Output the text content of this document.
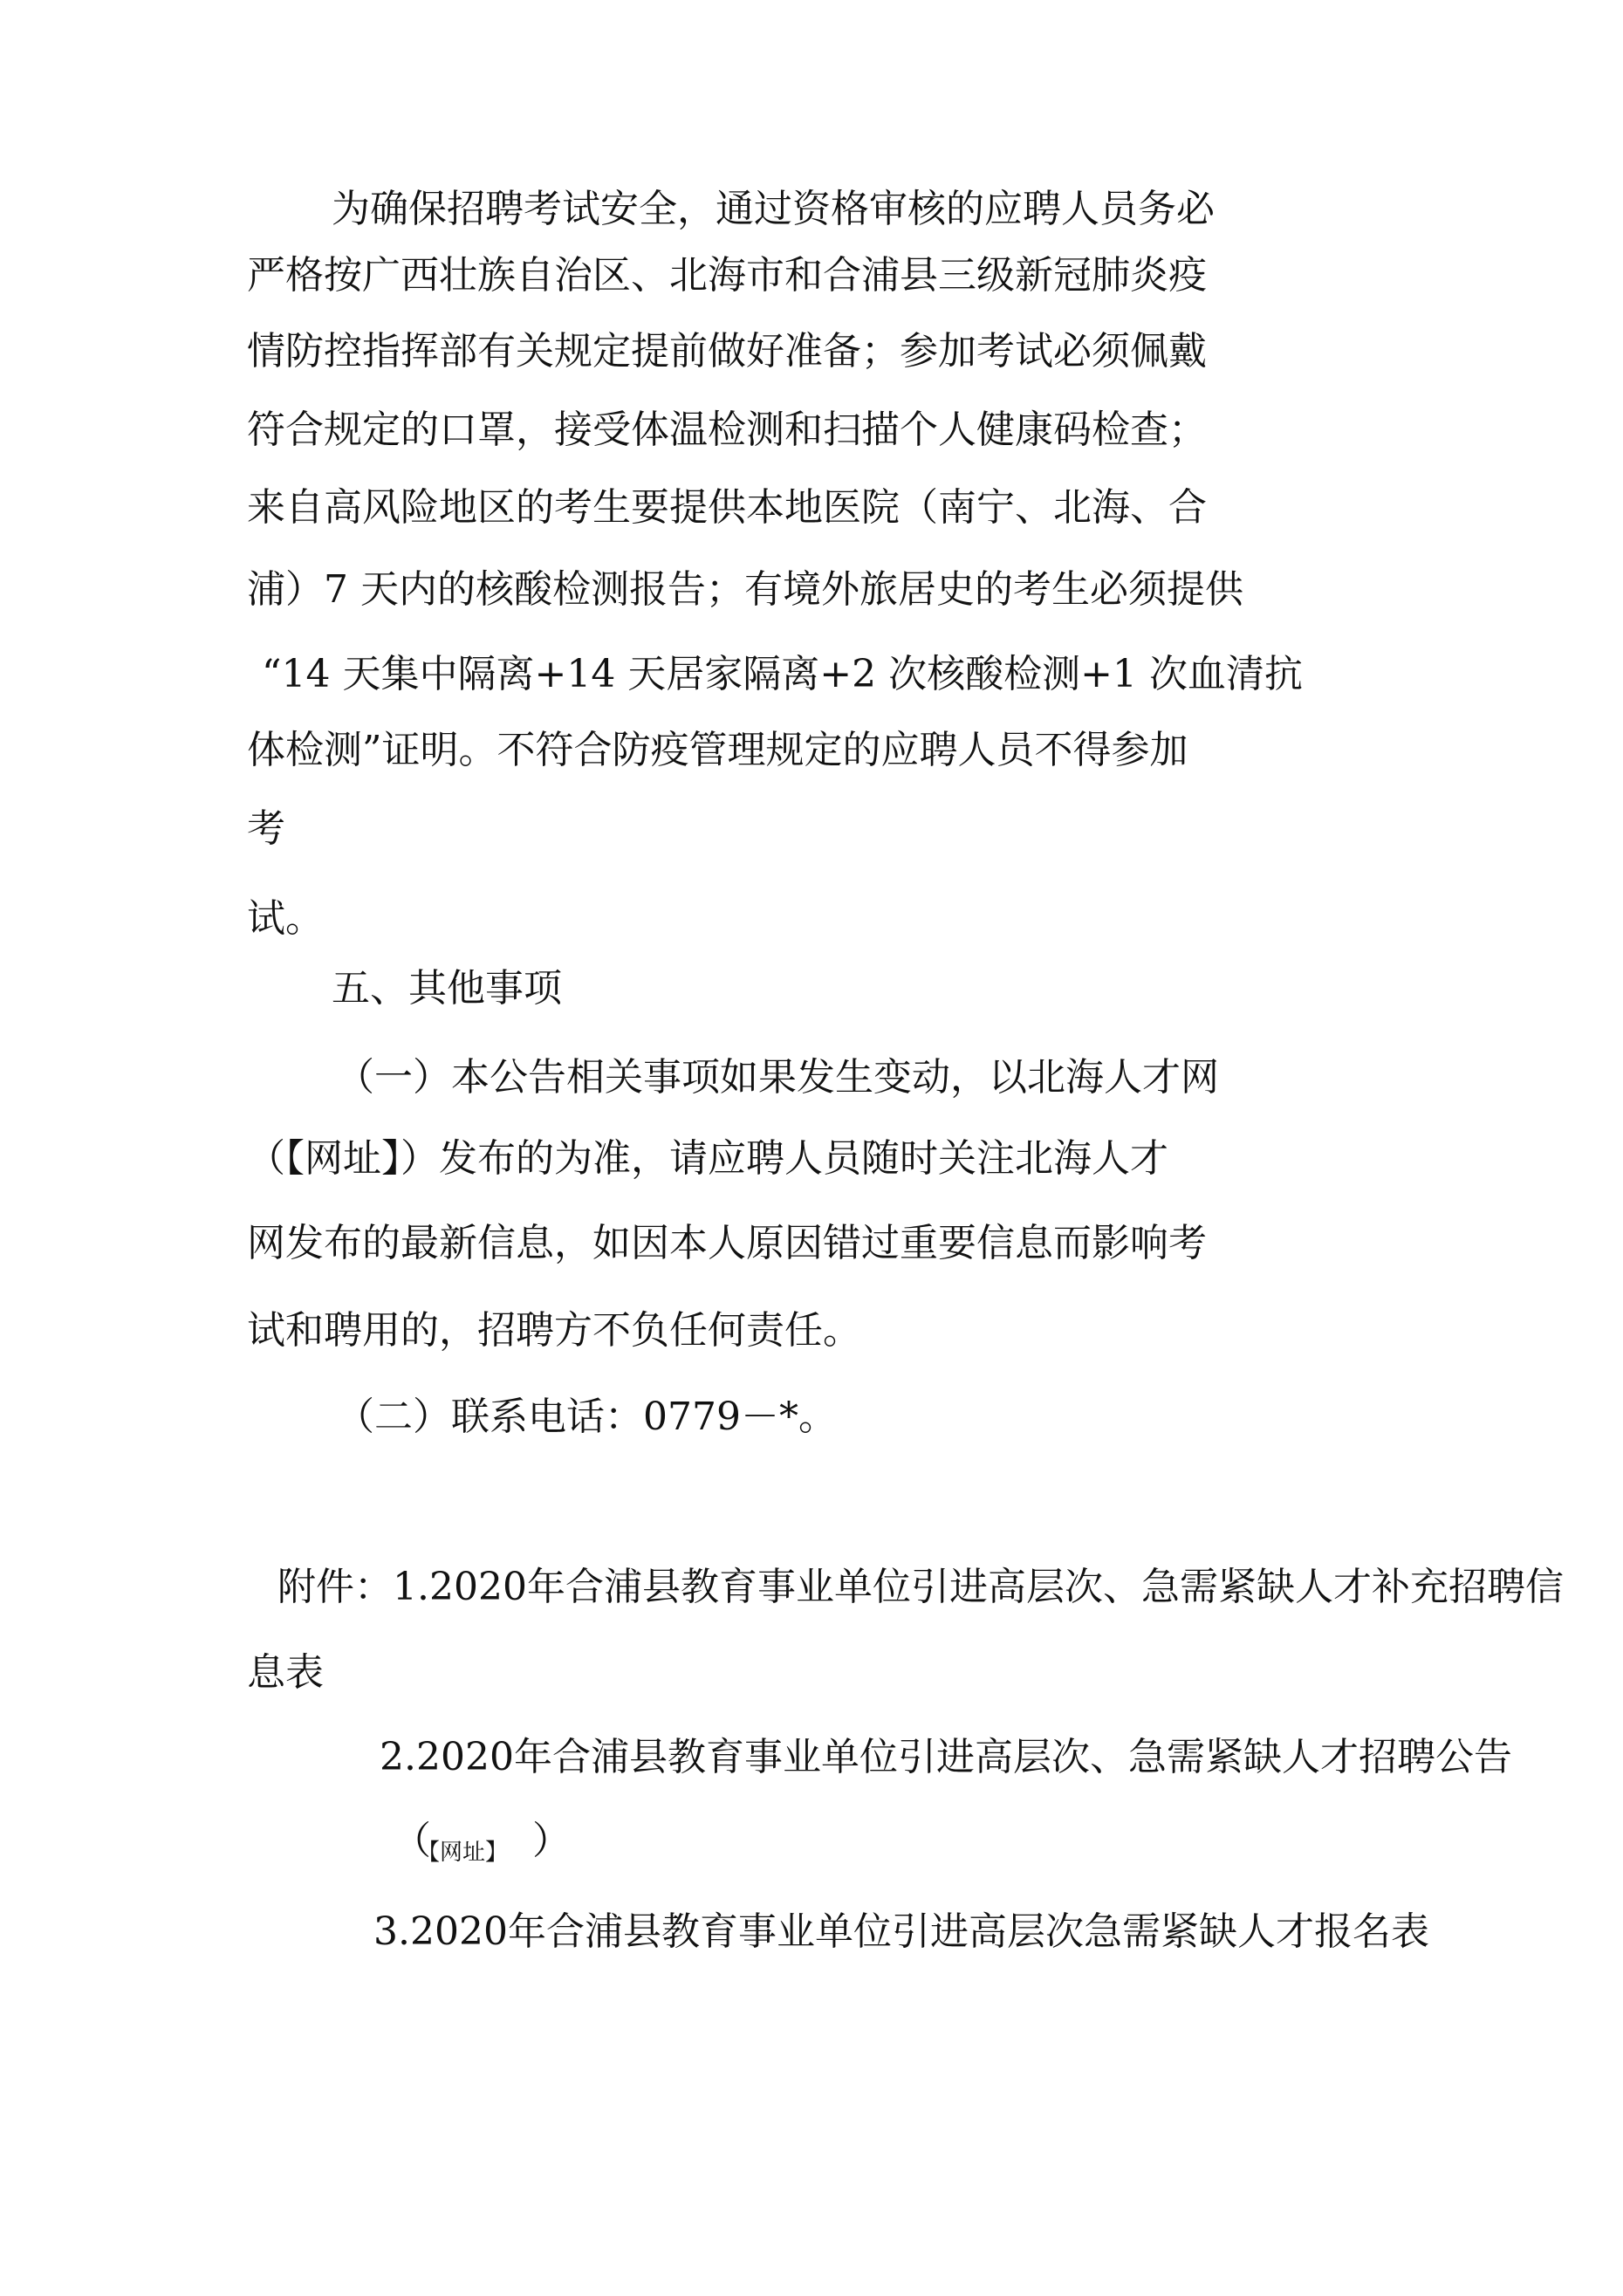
为确保招聘考试安全，通过资格审核的应聘人员务必
严格按广西壮族自治区、北海市和合浦县三级新冠肺炎疫
情防控指挥部有关规定提前做好准备；参加考试必须佩戴
符合规定的口罩，接受体温检测和扫描个人健康码检查；
来自高风险地区的考生要提供本地医院（南宁、北海、合
浦）7 天内的核酸检测报告；有境外旅居史的考生必须提供
“14 天集中隔离+14 天居家隔离+2 次核酸检测+1 次血清抗
体检测”证明。不符合防疫管理规定的应聘人员不得参加
考
试。
五、其他事项
（一）本公告相关事项如果发生变动，以北海人才网
（【网址】）发布的为准，请应聘人员随时关注北海人才
网发布的最新信息，如因本人原因错过重要信息而影响考
试和聘用的，招聘方不负任何责任。
（二）联系电话：0779－*。
附件：1.2020年合浦县教育事业单位引进高层次、急需紧缺人才补充招聘信
息表
2.2020年合浦县教育事业单位引进高层次、急需紧缺人才招聘公告
（
【网址】 ）
3.2020年合浦县教育事业单位引进高层次急需紧缺人才报名表
